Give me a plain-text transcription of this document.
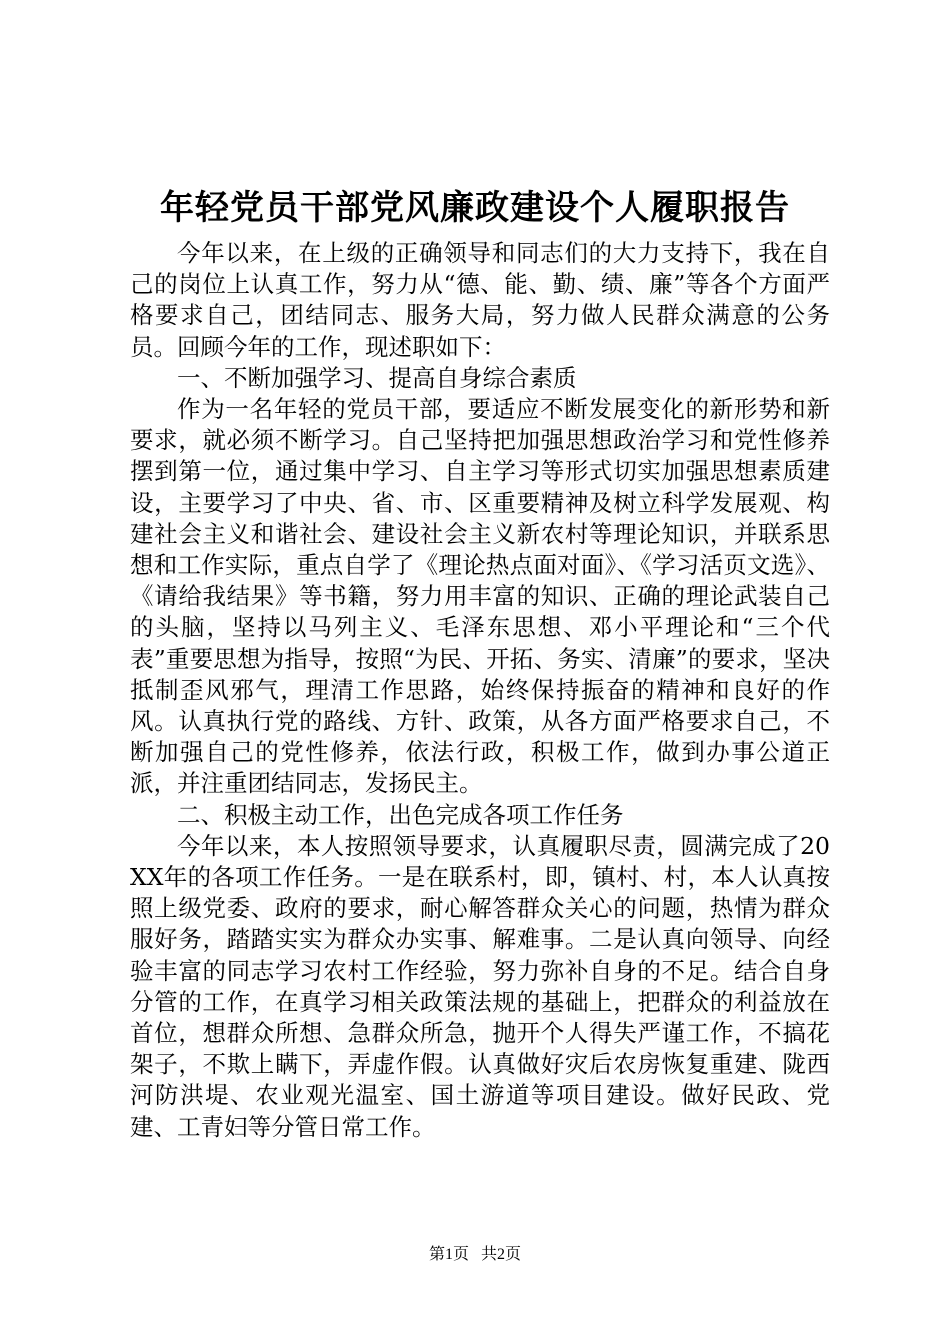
年轻党员干部党风廉政建设个人履职报告

今年以来，在上级的正确领导和同志们的大力支持下，我在自己的岗位上认真工作，努力从“德、能、勤、绩、廉”等各个方面严格要求自己，团结同志、服务大局，努力做人民群众满意的公务员。回顾今年的工作，现述职如下：

一、不断加强学习、提高自身综合素质

作为一名年轻的党员干部，要适应不断发展变化的新形势和新要求，就必须不断学习。自己坚持把加强思想政治学习和党性修养摆到第一位，通过集中学习、自主学习等形式切实加强思想素质建设，主要学习了中央、省、市、区重要精神及树立科学发展观、构建社会主义和谐社会、建设社会主义新农村等理论知识，并联系思想和工作实际，重点自学了《理论热点面对面》、《学习活页文选》、《请给我结果》等书籍，努力用丰富的知识、正确的理论武装自己的头脑，坚持以马列主义、毛泽东思想、邓小平理论和“三个代表”重要思想为指导，按照“为民、开拓、务实、清廉”的要求，坚决抵制歪风邪气，理清工作思路，始终保持振奋的精神和良好的作风。认真执行党的路线、方针、政策，从各方面严格要求自己，不断加强自己的党性修养，依法行政，积极工作，做到办事公道正派，并注重团结同志，发扬民主。

二、积极主动工作，出色完成各项工作任务

今年以来，本人按照领导要求，认真履职尽责，圆满完成了20XX年的各项工作任务。一是在联系村，即，镇村、村，本人认真按照上级党委、政府的要求，耐心解答群众关心的问题，热情为群众服好务，踏踏实实为群众办实事、解难事。二是认真向领导、向经验丰富的同志学习农村工作经验，努力弥补自身的不足。结合自身分管的工作，在真学习相关政策法规的基础上，把群众的利益放在首位，想群众所想、急群众所急，抛开个人得失严谨工作，不搞花架子，不欺上瞒下，弄虚作假。认真做好灾后农房恢复重建、陇西河防洪堤、农业观光温室、国土游道等项目建设。做好民政、党建、工青妇等分管日常工作。

第1页 共2页
